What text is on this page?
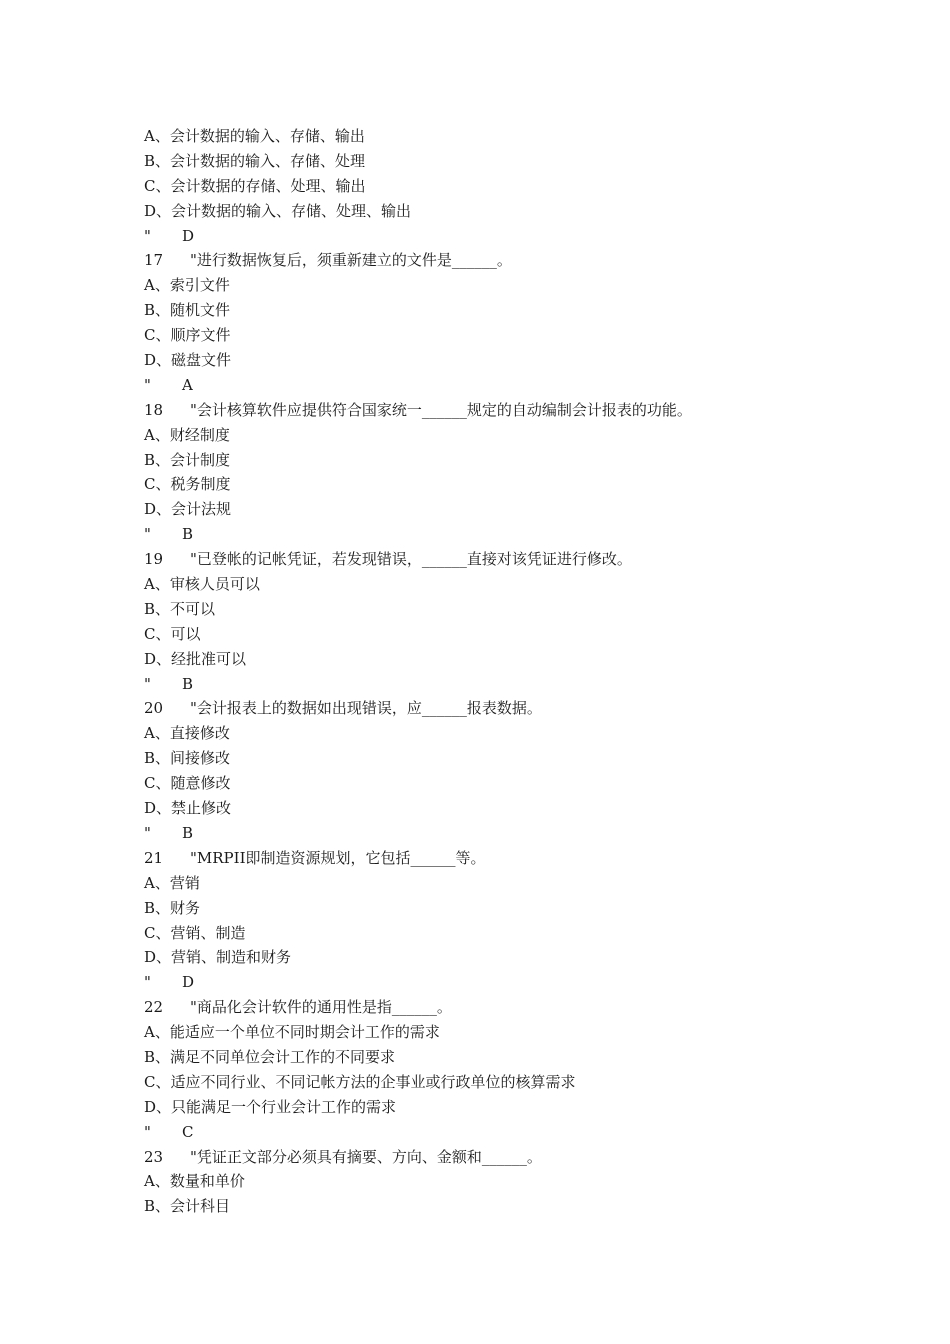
A、会计数据的输入、存储、输出
B、会计数据的输入、存储、处理
C、会计数据的存储、处理、输出
D、会计数据的输入、存储、处理、输出
" D
17 "进行数据恢复后，须重新建立的文件是______。
A、索引文件
B、随机文件
C、顺序文件
D、磁盘文件
" A
18 "会计核算软件应提供符合国家统一______规定的自动编制会计报表的功能。
A、财经制度
B、会计制度
C、税务制度
D、会计法规
" B
19 "已登帐的记帐凭证，若发现错误，______直接对该凭证进行修改。
A、审核人员可以
B、不可以
C、可以
D、经批准可以
" B
20 "会计报表上的数据如出现错误，应______报表数据。
A、直接修改
B、间接修改
C、随意修改
D、禁止修改
" B
21 "MRPII即制造资源规划，它包括______等。
A、营销
B、财务
C、营销、制造
D、营销、制造和财务
" D
22 "商品化会计软件的通用性是指______。
A、能适应一个单位不同时期会计工作的需求
B、满足不同单位会计工作的不同要求
C、适应不同行业、不同记帐方法的企事业或行政单位的核算需求
D、只能满足一个行业会计工作的需求
" C
23 "凭证正文部分必须具有摘要、方向、金额和______。
A、数量和单价
B、会计科目
